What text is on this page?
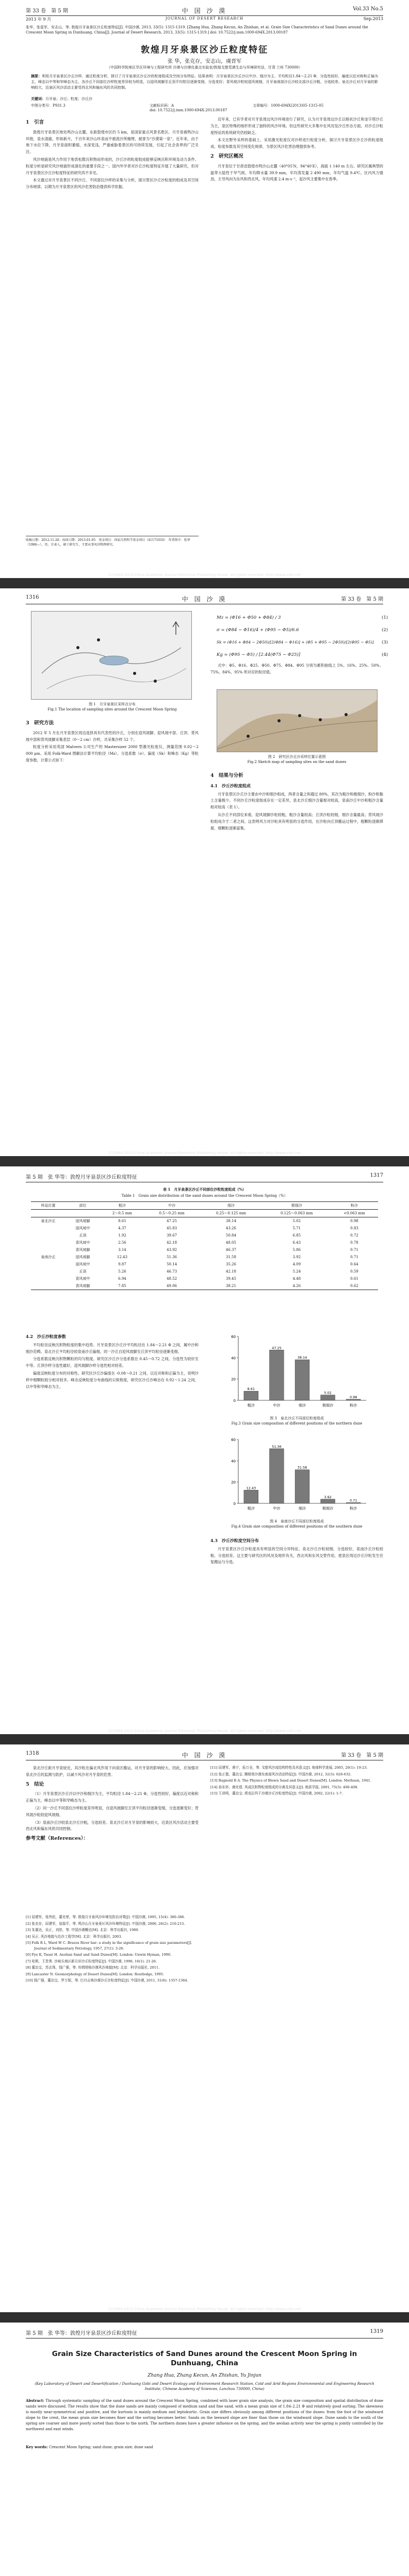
第 33 卷　第 5 期	中 国 沙 漠	Vol.33 No.5
2013 年 9 月	JOURNAL OF DESERT RESEARCH	Sep.2013
张华，张雷军，安志山，等. 敦煌月牙泉景区沙丘粒度特征[J]. 中国沙漠, 2013, 33(5): 1315-1319. [Zhang Hua, Zhang Kecun, An Zhishan, et al. Grain Size Characteristics of Sand Dunes around the Crescent Moon Spring in Dunhuang, China[J]. Journal of Desert Research, 2013, 33(5): 1315-1319.] doi: 10.7522/j.issn.1000-694X.2013.00187
敦煌月牙泉景区沙丘粒度特征
张 华，张克存，安志山，虞晋军
（中国科学院寒区旱区环境与工程研究所 沙漠与沙漠化重点实验室/敦煌戈壁荒漠生态与环境研究站，甘肃 兰州 730000）
摘要：利用月牙泉景区沙丘沙样，通过粒度分析，探讨了月牙泉景区沙丘沙的粒度组成及空间分布特征。结果表明：月牙泉景区沙丘沙以中沙、细沙为主，平均粒径1.84～2.21 Φ，分选性较好，偏度以近对称和正偏为主，峰态以中等和窄峰态为主。各沙丘不同部位沙样粒度差异较为明显，以迎风坡脚至丘顶平均粒径逐渐变细，分选变好；背风坡沙粒较迎风坡细，月牙泉南部沙丘沙较北部沙丘沙粗，分选较差。泉北沙丘对月牙泉的影响较大，近泉区风沙活动主要受西北风和偏东风的共同控制。
关键词：月牙泉；沙丘；粒度；沙丘沙
中图分类号：P931.3	文献标识码：A	文章编号：1000-694X(2013)05-1315-05
doi: 10.7522/j.issn.1000-694X.2013.00187
1　引言

敦煌月牙泉景区地处鸣沙山北麓，东距敦煌市区约 5 km，是国家重点风景名胜区。月牙泉被鸣沙山环抱，泉水清澈，形如新月，千百年来沙山环泉而不被流沙所掩埋，被誉为“沙漠第一泉”。近年来，由于地下水位下降，月牙泉面积萎缩，水深变浅，严重威胁着景区的可持续发展，引起了社会各界的广泛关注。

风沙地貌是风力作用于地表松散沉积物而形成的，沙丘沙的粒度组成能够反映沉积环境及动力条件。粒度分析是研究风沙地貌形成演化的重要手段之一。国内外学者对沙丘沙粒度特征开展了大量研究，但对月牙泉景区沙丘沙粒度特征的研究尚不多见。

本文通过对月牙泉景区不同沙丘、不同部位沙样的采集与分析，探讨景区沙丘沙粒度的组成及其空间分布规律，以期为月牙泉景区的风沙危害防治提供科学依据。

近年来，已有学者对月牙泉周边风沙环境进行了研究，认为月牙泉周边沙丘以格状沙丘和金字塔沙丘为主，泉区特殊的地形形成了独特的风沙环境。但这些研究大多集中在风况及沙丘形态方面，对沙丘沙粒度特征的系统研究仍较缺乏。

本文在野外采样的基础上，采用激光粒度仪对沙样进行粒度分析，探讨月牙泉景区沙丘沙的粒度组成、粒度参数及其空间变化规律，为景区风沙危害治理提供参考。

2　研究区概况

月牙泉位于甘肃省敦煌市鸣沙山北麓（40°05′N，94°40′E），海拔 1 140 m 左右。研究区属典型的温带大陆性干旱气候，年均降水量 39.9 mm，年均蒸发量 2 490 mm，年均气温 9.4℃。区内风力强劲，主导风向为东风和西北风，年均风速 2.4 m·s⁻¹，起沙风主要集中在春季。

收稿日期：2012-11-20；改回日期：2013-01-05　基金项目：国家自然科学基金项目（41171010）　作者简介：张华（1986—），男，甘肃人，硕士研究生，主要从事风沙物理研究。
(C)1994-2013 China Academic Journal Electronic Publishing House. All rights reserved. http://www.cnki.net
1316	中 国 沙 漠	第 33 卷　第 5 期
图 1　月牙泉景区采样点分布
Fig.1 The location of sampling sites around the Crescent Moon Spring
3　研究方法

2012 年 5 月在月牙泉景区周边选择具有代表性的沙丘，分别在迎风坡脚、迎风坡中部、丘顶、背风坡中部和背风坡脚采集表层（0～2 cm）沙样，共采集沙样 52 个。

粒度分析采用英国 Malvern 公司生产的 Mastersizer 2000 型激光粒度仪，测量范围 0.02～2 000 μm。采用 Folk-Ward 图解法计算平均粒径（Mz）、分选系数（σ）、偏度（Sk）和峰态（Kg）等粒度参数，计算公式如下：

Mz = (Φ16 + Φ50 + Φ84) / 3	(1)
σ = (Φ84 − Φ16)/4 + (Φ95 − Φ5)/6.6	(2)
Sk = (Φ16 + Φ84 − 2Φ50)/[2(Φ84 − Φ16)] + (Φ5 + Φ95 − 2Φ50)/[2(Φ95 − Φ5)]	(3)
Kg = (Φ95 − Φ5) / [2.44(Φ75 − Φ25)]	(4)

式中：Φ5、Φ16、Φ25、Φ50、Φ75、Φ84、Φ95 分别为累积曲线上 5%、16%、25%、50%、75%、84%、95% 所对应的粒径值。

图 2　研究区沙丘沙采样位置示意图
Fig.2 Sketch map of sampling sites on the sand dunes
4　结果与分析
4.1　沙丘沙粒度组成

月牙泉景区沙丘沙主要由中沙和细沙组成，两者含量之和超过 80%，其次为粗沙和极细沙，粉沙和黏土含量极少。不同沙丘沙粒度组成存在一定差异，泉北沙丘细沙含量相对较高，泉南沙丘中沙和粗沙含量相对较高（表 1）。

从沙丘不同部位来看，迎风坡脚沙粒较粗，粗沙含量较高；丘顶沙粒较细，细沙含量最高；背风坡沙粒组成介于二者之间。这表明风力对沙粒具有明显的分选作用，在沙粒向丘顶搬运过程中，粗颗粒逐渐滞留，细颗粒逐渐富集。

(C)1994-2013 China Academic Journal Electronic Publishing House. All rights reserved. http://www.cnki.net
第 5 期　张 华等：敦煌月牙泉景区沙丘粒度特征	1317
表 1　月牙泉景区沙丘不同部位沙粒粒度组成（%）
Table 1　Grain size distribution of the sand dunes around the Crescent Moon Spring（%）
样品位置	部位	粗沙	中沙	细沙	极细沙	粉沙
		2～0.5 mm	0.5～0.25 mm	0.25～0.125 mm	0.125～0.063 mm	<0.063 mm
泉北沙丘	迎风坡脚	8.61	47.25	38.14	5.02	0.98
	迎风坡中	4.37	45.83	43.26	5.71	0.83
	丘顶	1.92	39.67	50.84	6.85	0.72
	背风坡中	2.56	42.18	48.05	6.43	0.78
	背风坡脚	3.14	43.92	46.37	5.86	0.71
泉南沙丘	迎风坡脚	12.43	51.36	31.58	3.92	0.71
	迎风坡中	9.87	50.14	35.26	4.09	0.64
	丘顶	5.26	46.73	42.18	5.24	0.59
	背风坡中	6.94	48.52	39.45	4.48	0.61
	背风坡脚	7.85	49.06	38.21	4.26	0.62
4.2　沙丘沙粒度参数

平均粒径反映沉积物粒度的集中趋势。月牙泉景区沙丘沙平均粒径在 1.84～2.21 Φ 之间，属中沙和细沙范畴。泉北沙丘平均粒径较泉南沙丘偏细，同一沙丘自迎风坡脚至丘顶平均粒径逐渐变细。

分选系数反映沉积物颗粒的均匀程度。研究区沙丘沙分选系数在 0.45～0.72 之间，分选性为较好至中等。丘顶沙样分选性最好，迎风坡脚沙样分选性相对较差。

偏度反映粒度分布的对称性。研究区沙丘沙偏度在 -0.08～0.21 之间，以近对称和正偏为主，说明沙样中细颗粒组分相对较多。峰态反映粒度分布曲线的尖锐程度，研究区沙丘沙峰态在 0.92～1.24 之间，以中等和窄峰态为主。

0
20
40
60
8.61
粗沙
47.25
中沙
38.14
细沙
5.02
极细沙
0.98
粉沙
图 3　泉北沙丘不同部位粒度组成
Fig.3 Grain size composition of different positions of the northern dune
0
20
40
60
12.43
粗沙
51.36
中沙
31.58
细沙
3.92
极细沙
0.71
粉沙
图 4　泉南沙丘不同部位粒度组成
Fig.4 Grain size composition of different positions of the southern dune
4.3　沙丘沙粒度空间分布

月牙泉景区沙丘沙粒度具有明显的空间分异特征。泉北沙丘沙粒较细、分选较好，泉南沙丘沙粒较粗、分选较差。这主要与研究区的风况及地形有关，西北风和东风交替作用，使泉区周边沙丘沙粒发生往复搬运与分选。

(C)1994-2013 China Academic Journal Electronic Publishing House. All rights reserved. http://www.cnki.net
1318	中 国 沙 漠	第 33 卷　第 5 期

泉北沙丘距月牙泉较近，其沙粒在偏北风作用下向泉区搬运，对月牙泉的影响较大。因此，应加强对泉北沙丘的监测与防护，以减少风沙对月牙泉的危害。

5　结论

（1）月牙泉景区沙丘沙以中沙和细沙为主，平均粒径 1.84～2.21 Φ，分选性较好，偏度以近对称和正偏为主，峰态以中等和窄峰态为主。

（2）同一沙丘不同部位沙样粒度差异明显，自迎风坡脚至丘顶平均粒径逐渐变细，分选逐渐变好；背风坡沙粒较迎风坡细。

（3）泉南沙丘沙较泉北沙丘沙粗，分选较差。泉北沙丘对月牙泉的影响较大，近泉区风沙活动主要受西北风和偏东风的共同控制。

参考文献（References）：
[1] 屈建军，张伟民，董光荣，等. 敦煌月牙泉风沙环境及防治对策[J]. 中国沙漠, 1995, 15(4): 380-386.
[2] 张克存，屈建军，俎瑞平，等. 鸣沙山月牙泉景区风沙环境特征[J]. 中国沙漠, 2006, 26(2): 210-215.
[3] 朱震达，吴正，刘恕，等. 中国沙漠概论[M]. 北京：科学出版社, 1980.
[4] 吴正. 风沙地貌与治沙工程学[M]. 北京：科学出版社, 2003.
[5] Folk R L, Ward W C. Brazos River bar: a study in the significance of grain size parameters[J]. Journal of Sedimentary Petrology, 1957, 27(1): 3-26.
[6] Pye K, Tsoar H. Aeolian Sand and Sand Dunes[M]. London: Unwin Hyman, 1990.
[7] 哈斯，王贵勇. 沙坡头地区新月形沙丘粒度特征[J]. 中国沙漠, 1996, 16(1): 21-26.
[8] 董治宝，苏志珠，钱广强，等. 库姆塔格沙漠风沙地貌[M]. 北京：科学出版社, 2011.
[9] Lancaster N. Geomorphology of Desert Dunes[M]. London: Routledge, 1995.
[10] 钱广强，董治宝，罗万银，等. 巴丹吉林沙漠沙丘沙粒度特征[J]. 中国沙漠, 2011, 31(6): 1357-1364.
[11] 屈建军，黄宁，拓万全，等. 戈壁风沙流结构特性及其意义[J]. 地球科学进展, 2005, 20(1): 19-23.
[12] 张正偲，董治宝. 腾格里沙漠东南部风沙活动特征[J]. 中国沙漠, 2012, 32(3): 626-632.
[13] Bagnold R A. The Physics of Blown Sand and Desert Dunes[M]. London: Methuen, 1941.
[14] 孙东怀，鹿化煜. 风成沉积物粒度组成的分离及其意义[J]. 地质学报, 2001, 75(3): 400-408.
[15] 王训明，董治宝. 塔克拉玛干沙漠沙丘沙粒度特征[J]. 中国沙漠, 2002, 22(1): 1-7.
(C)1994-2013 China Academic Journal Electronic Publishing House. All rights reserved. http://www.cnki.net
第 5 期　张 华等：敦煌月牙泉景区沙丘粒度特征	1319
Grain Size Characteristics of Sand Dunes around the Crescent Moon Spring in Dunhuang, China
Zhang Hua, Zhang Kecun, An Zhishan, Yu Jinjun
(Key Laboratory of Desert and Desertification / Dunhuang Gobi and Desert Ecology and Environment Research Station, Cold and Arid Regions Environmental and Engineering Research Institute, Chinese Academy of Sciences, Lanzhou 730000, China)
Abstract: Through systematic sampling of the sand dunes around the Crescent Moon Spring, combined with laser grain size analysis, the grain size composition and spatial distribution of dune sands were discussed. The results show that the dune sands are mainly composed of medium sand and fine sand, with a mean grain size of 1.84–2.21 Φ and relatively good sorting. The skewness is mostly near-symmetrical and positive, and the kurtosis is mainly medium and leptokurtic. Grain size differs obviously among different positions of the dunes: from the foot of the windward slope to the crest, the mean grain size becomes finer and the sorting becomes better. Sands on the leeward slope are finer than those on the windward slope. Dune sands to the south of the spring are coarser and more poorly sorted than those to the north. The northern dunes have a greater influence on the spring, and the aeolian activity near the spring is jointly controlled by the northwest and east winds.
Key words: Crescent Moon Spring; sand dune; grain size; dune sand
